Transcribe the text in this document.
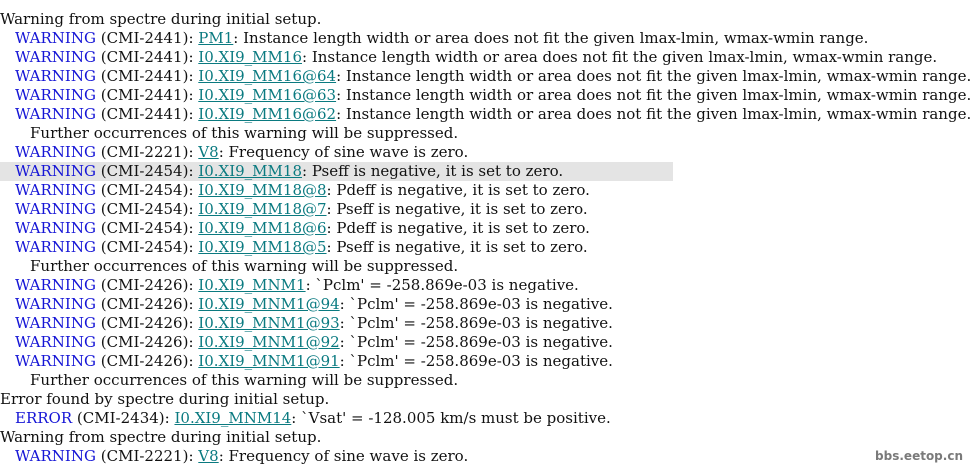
Warning from spectre during initial setup.
WARNING (CMI-2441): PM1: Instance length width or area does not fit the given lmax-lmin, wmax-wmin range.
WARNING (CMI-2441): I0.XI9_MM16: Instance length width or area does not fit the given lmax-lmin, wmax-wmin range.
WARNING (CMI-2441): I0.XI9_MM16@64: Instance length width or area does not fit the given lmax-lmin, wmax-wmin range.
WARNING (CMI-2441): I0.XI9_MM16@63: Instance length width or area does not fit the given lmax-lmin, wmax-wmin range.
WARNING (CMI-2441): I0.XI9_MM16@62: Instance length width or area does not fit the given lmax-lmin, wmax-wmin range.
Further occurrences of this warning will be suppressed.
WARNING (CMI-2221): V8: Frequency of sine wave is zero.
WARNING (CMI-2454): I0.XI9_MM18: Pseff is negative, it is set to zero.
WARNING (CMI-2454): I0.XI9_MM18@8: Pdeff is negative, it is set to zero.
WARNING (CMI-2454): I0.XI9_MM18@7: Pseff is negative, it is set to zero.
WARNING (CMI-2454): I0.XI9_MM18@6: Pdeff is negative, it is set to zero.
WARNING (CMI-2454): I0.XI9_MM18@5: Pseff is negative, it is set to zero.
Further occurrences of this warning will be suppressed.
WARNING (CMI-2426): I0.XI9_MNM1: `Pclm' = -258.869e-03 is negative.
WARNING (CMI-2426): I0.XI9_MNM1@94: `Pclm' = -258.869e-03 is negative.
WARNING (CMI-2426): I0.XI9_MNM1@93: `Pclm' = -258.869e-03 is negative.
WARNING (CMI-2426): I0.XI9_MNM1@92: `Pclm' = -258.869e-03 is negative.
WARNING (CMI-2426): I0.XI9_MNM1@91: `Pclm' = -258.869e-03 is negative.
Further occurrences of this warning will be suppressed.
Error found by spectre during initial setup.
ERROR (CMI-2434): I0.XI9_MNM14: `Vsat' = -128.005 km/s must be positive.
Warning from spectre during initial setup.
WARNING (CMI-2221): V8: Frequency of sine wave is zero.	bbs.eetop.cn
